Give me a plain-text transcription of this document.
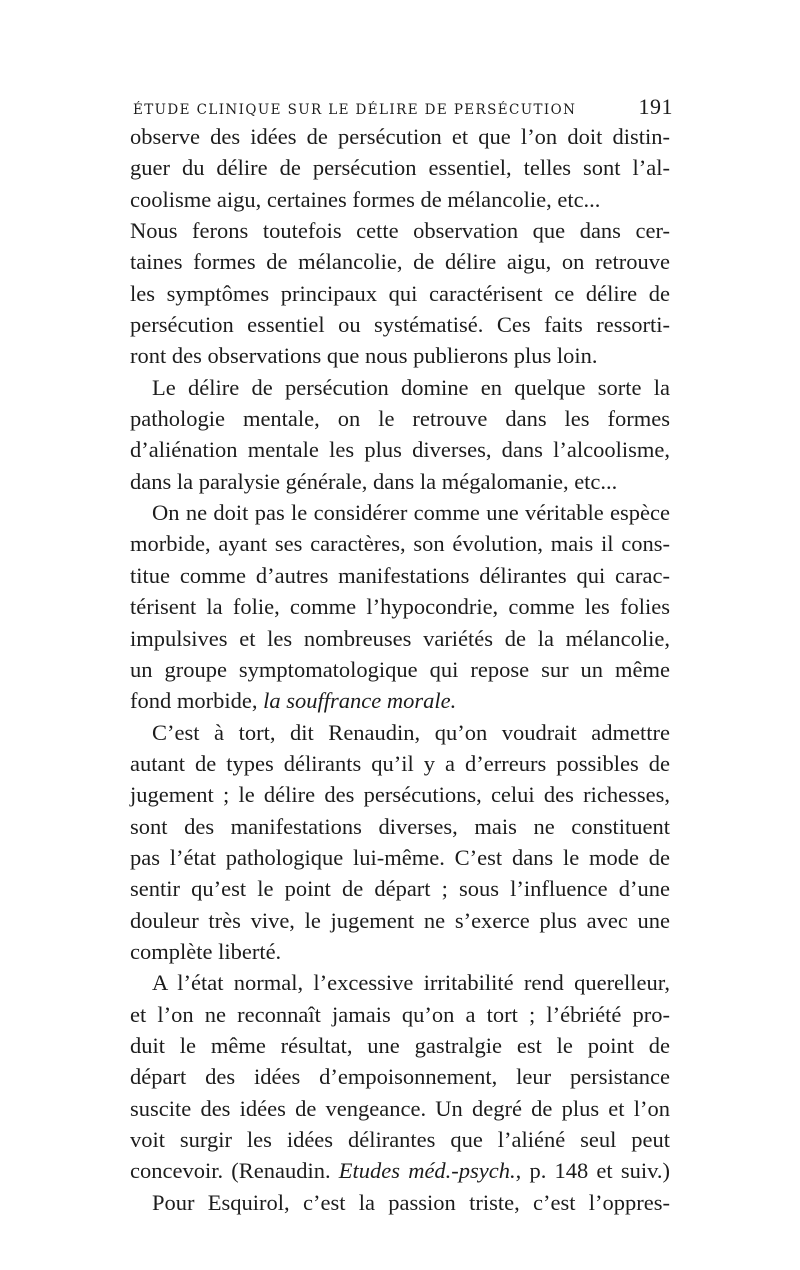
ÉTUDE CLINIQUE SUR LE DÉLIRE DE PERSÉCUTION	191
observe des idées de persécution et que l’on doit distin-
guer du délire de persécution essentiel, telles sont l’al-
coolisme aigu, certaines formes de mélancolie, etc...
Nous ferons toutefois cette observation que dans cer-
taines formes de mélancolie, de délire aigu, on retrouve
les symptômes principaux qui caractérisent ce délire de
persécution essentiel ou systématisé. Ces faits ressorti-
ront des observations que nous publierons plus loin.
Le délire de persécution domine en quelque sorte la
pathologie mentale, on le retrouve dans les formes
d’aliénation mentale les plus diverses, dans l’alcoolisme,
dans la paralysie générale, dans la mégalomanie, etc...
On ne doit pas le considérer comme une véritable espèce
morbide, ayant ses caractères, son évolution, mais il cons-
titue comme d’autres manifestations délirantes qui carac-
térisent la folie, comme l’hypocondrie, comme les folies
impulsives et les nombreuses variétés de la mélancolie,
un groupe symptomatologique qui repose sur un même
fond morbide, la souffrance morale.
C’est à tort, dit Renaudin, qu’on voudrait admettre
autant de types délirants qu’il y a d’erreurs possibles de
jugement ; le délire des persécutions, celui des richesses,
sont des manifestations diverses, mais ne constituent
pas l’état pathologique lui-même. C’est dans le mode de
sentir qu’est le point de départ ; sous l’influence d’une
douleur très vive, le jugement ne s’exerce plus avec une
complète liberté.
A l’état normal, l’excessive irritabilité rend querelleur,
et l’on ne reconnaît jamais qu’on a tort ; l’ébriété pro-
duit le même résultat, une gastralgie est le point de
départ des idées d’empoisonnement, leur persistance
suscite des idées de vengeance. Un degré de plus et l’on
voit surgir les idées délirantes que l’aliéné seul peut
concevoir. (Renaudin. Etudes méd.-psych., p. 148 et suiv.)
Pour Esquirol, c’est la passion triste, c’est l’oppres-
